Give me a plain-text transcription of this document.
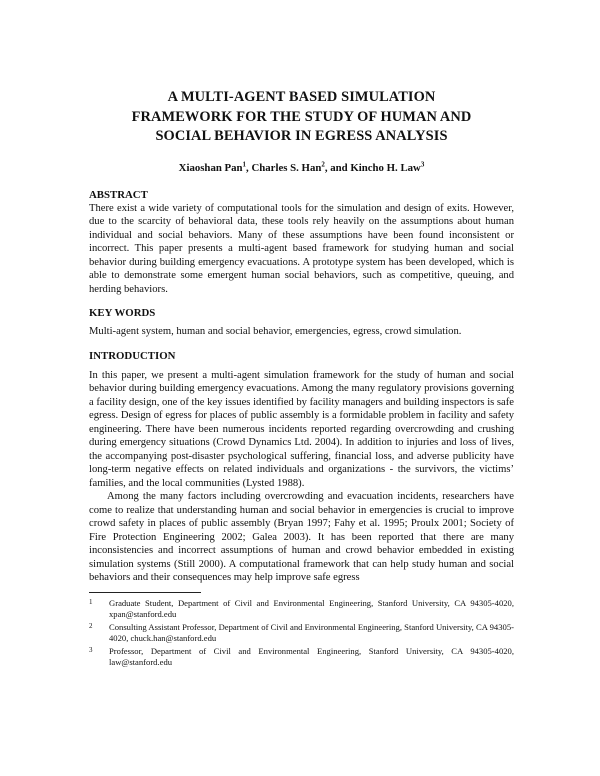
A MULTI-AGENT BASED SIMULATION
FRAMEWORK FOR THE STUDY OF HUMAN AND
SOCIAL BEHAVIOR IN EGRESS ANALYSIS
Xiaoshan Pan$^1$, Charles S. Han$^2$, and Kincho H. Law$^3$
ABSTRACT

There exist a wide variety of computational tools for the simulation and design of exits. However, due to the scarcity of behavioral data, these tools rely heavily on the assumptions about human individual and social behaviors. Many of these assumptions have been found inconsistent or incorrect. This paper presents a multi-agent based framework for studying human and social behavior during building emergency evacuations. A prototype system has been developed, which is able to demonstrate some emergent human social behaviors, such as competitive, queuing, and herding behaviors.

KEY WORDS

Multi-agent system, human and social behavior, emergencies, egress, crowd simulation.

INTRODUCTION

In this paper, we present a multi-agent simulation framework for the study of human and social behavior during building emergency evacuations. Among the many regulatory provisions governing a facility design, one of the key issues identified by facility managers and building inspectors is safe egress. Design of egress for places of public assembly is a formidable problem in facility and safety engineering. There have been numerous incidents reported regarding overcrowding and crushing during emergency situations (Crowd Dynamics Ltd. 2004). In addition to injuries and loss of lives, the accompanying post-disaster psychological suffering, financial loss, and adverse publicity have long-term negative effects on related individuals and organizations - the survivors, the victims’ families, and the local communities (Lysted 1988).

Among the many factors including overcrowding and evacuation incidents, researchers have come to realize that understanding human and social behavior in emergencies is crucial to improve crowd safety in places of public assembly (Bryan 1997; Fahy et al. 1995; Proulx 2001; Society of Fire Protection Engineering 2002; Galea 2003). It has been reported that there are many inconsistencies and incorrect assumptions of human and crowd behavior embedded in existing simulation systems (Still 2000). A computational framework that can help study human and social behaviors and their consequences may help improve safe egress

1	Graduate Student, Department of Civil and Environmental Engineering, Stanford University, CA 94305-4020, xpan@stanford.edu
2	Consulting Assistant Professor, Department of Civil and Environmental Engineering, Stanford University, CA 94305-4020, chuck.han@stanford.edu
3	Professor, Department of Civil and Environmental Engineering, Stanford University, CA 94305-4020, law@stanford.edu
